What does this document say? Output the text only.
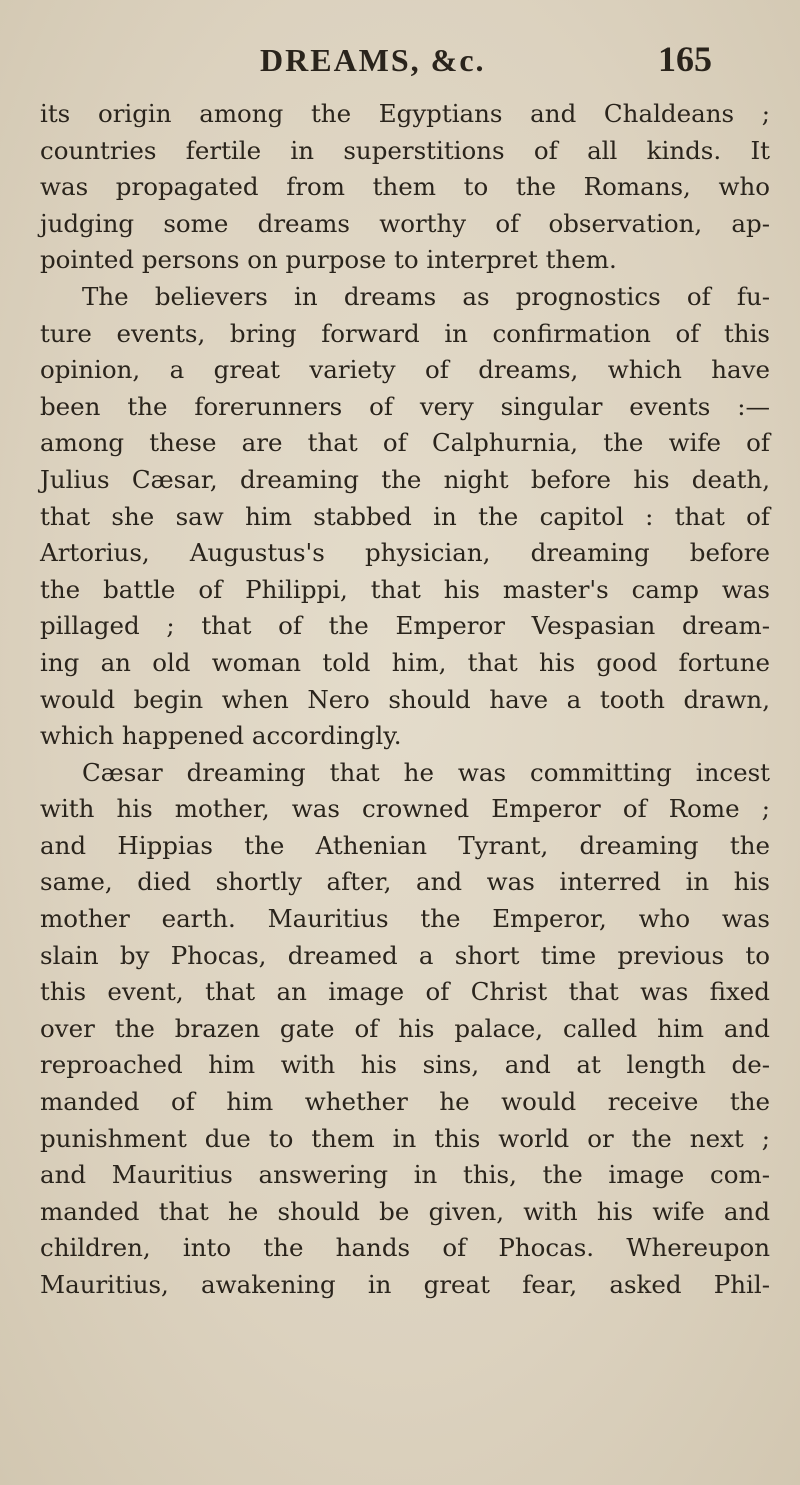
DREAMS, &c.	165
its origin among the Egyptians and Chaldeans ;
countries fertile in superstitions of all kinds. It
was propagated from them to the Romans, who
judging some dreams worthy of observation, ap-
pointed persons on purpose to interpret them.
The believers in dreams as prognostics of fu-
ture events, bring forward in confirmation of this
opinion, a great variety of dreams, which have
been the forerunners of very singular events :—
among these are that of Calphurnia, the wife of
Julius Cæsar, dreaming the night before his death,
that she saw him stabbed in the capitol : that of
Artorius, Augustus's physician, dreaming before
the battle of Philippi, that his master's camp was
pillaged ; that of the Emperor Vespasian dream-
ing an old woman told him, that his good fortune
would begin when Nero should have a tooth drawn,
which happened accordingly.
Cæsar dreaming that he was committing incest
with his mother, was crowned Emperor of Rome ;
and Hippias the Athenian Tyrant, dreaming the
same, died shortly after, and was interred in his
mother earth. Mauritius the Emperor, who was
slain by Phocas, dreamed a short time previous to
this event, that an image of Christ that was fixed
over the brazen gate of his palace, called him and
reproached him with his sins, and at length de-
manded of him whether he would receive the
punishment due to them in this world or the next ;
and Mauritius answering in this, the image com-
manded that he should be given, with his wife and
children, into the hands of Phocas. Whereupon
Mauritius, awakening in great fear, asked Phil-
